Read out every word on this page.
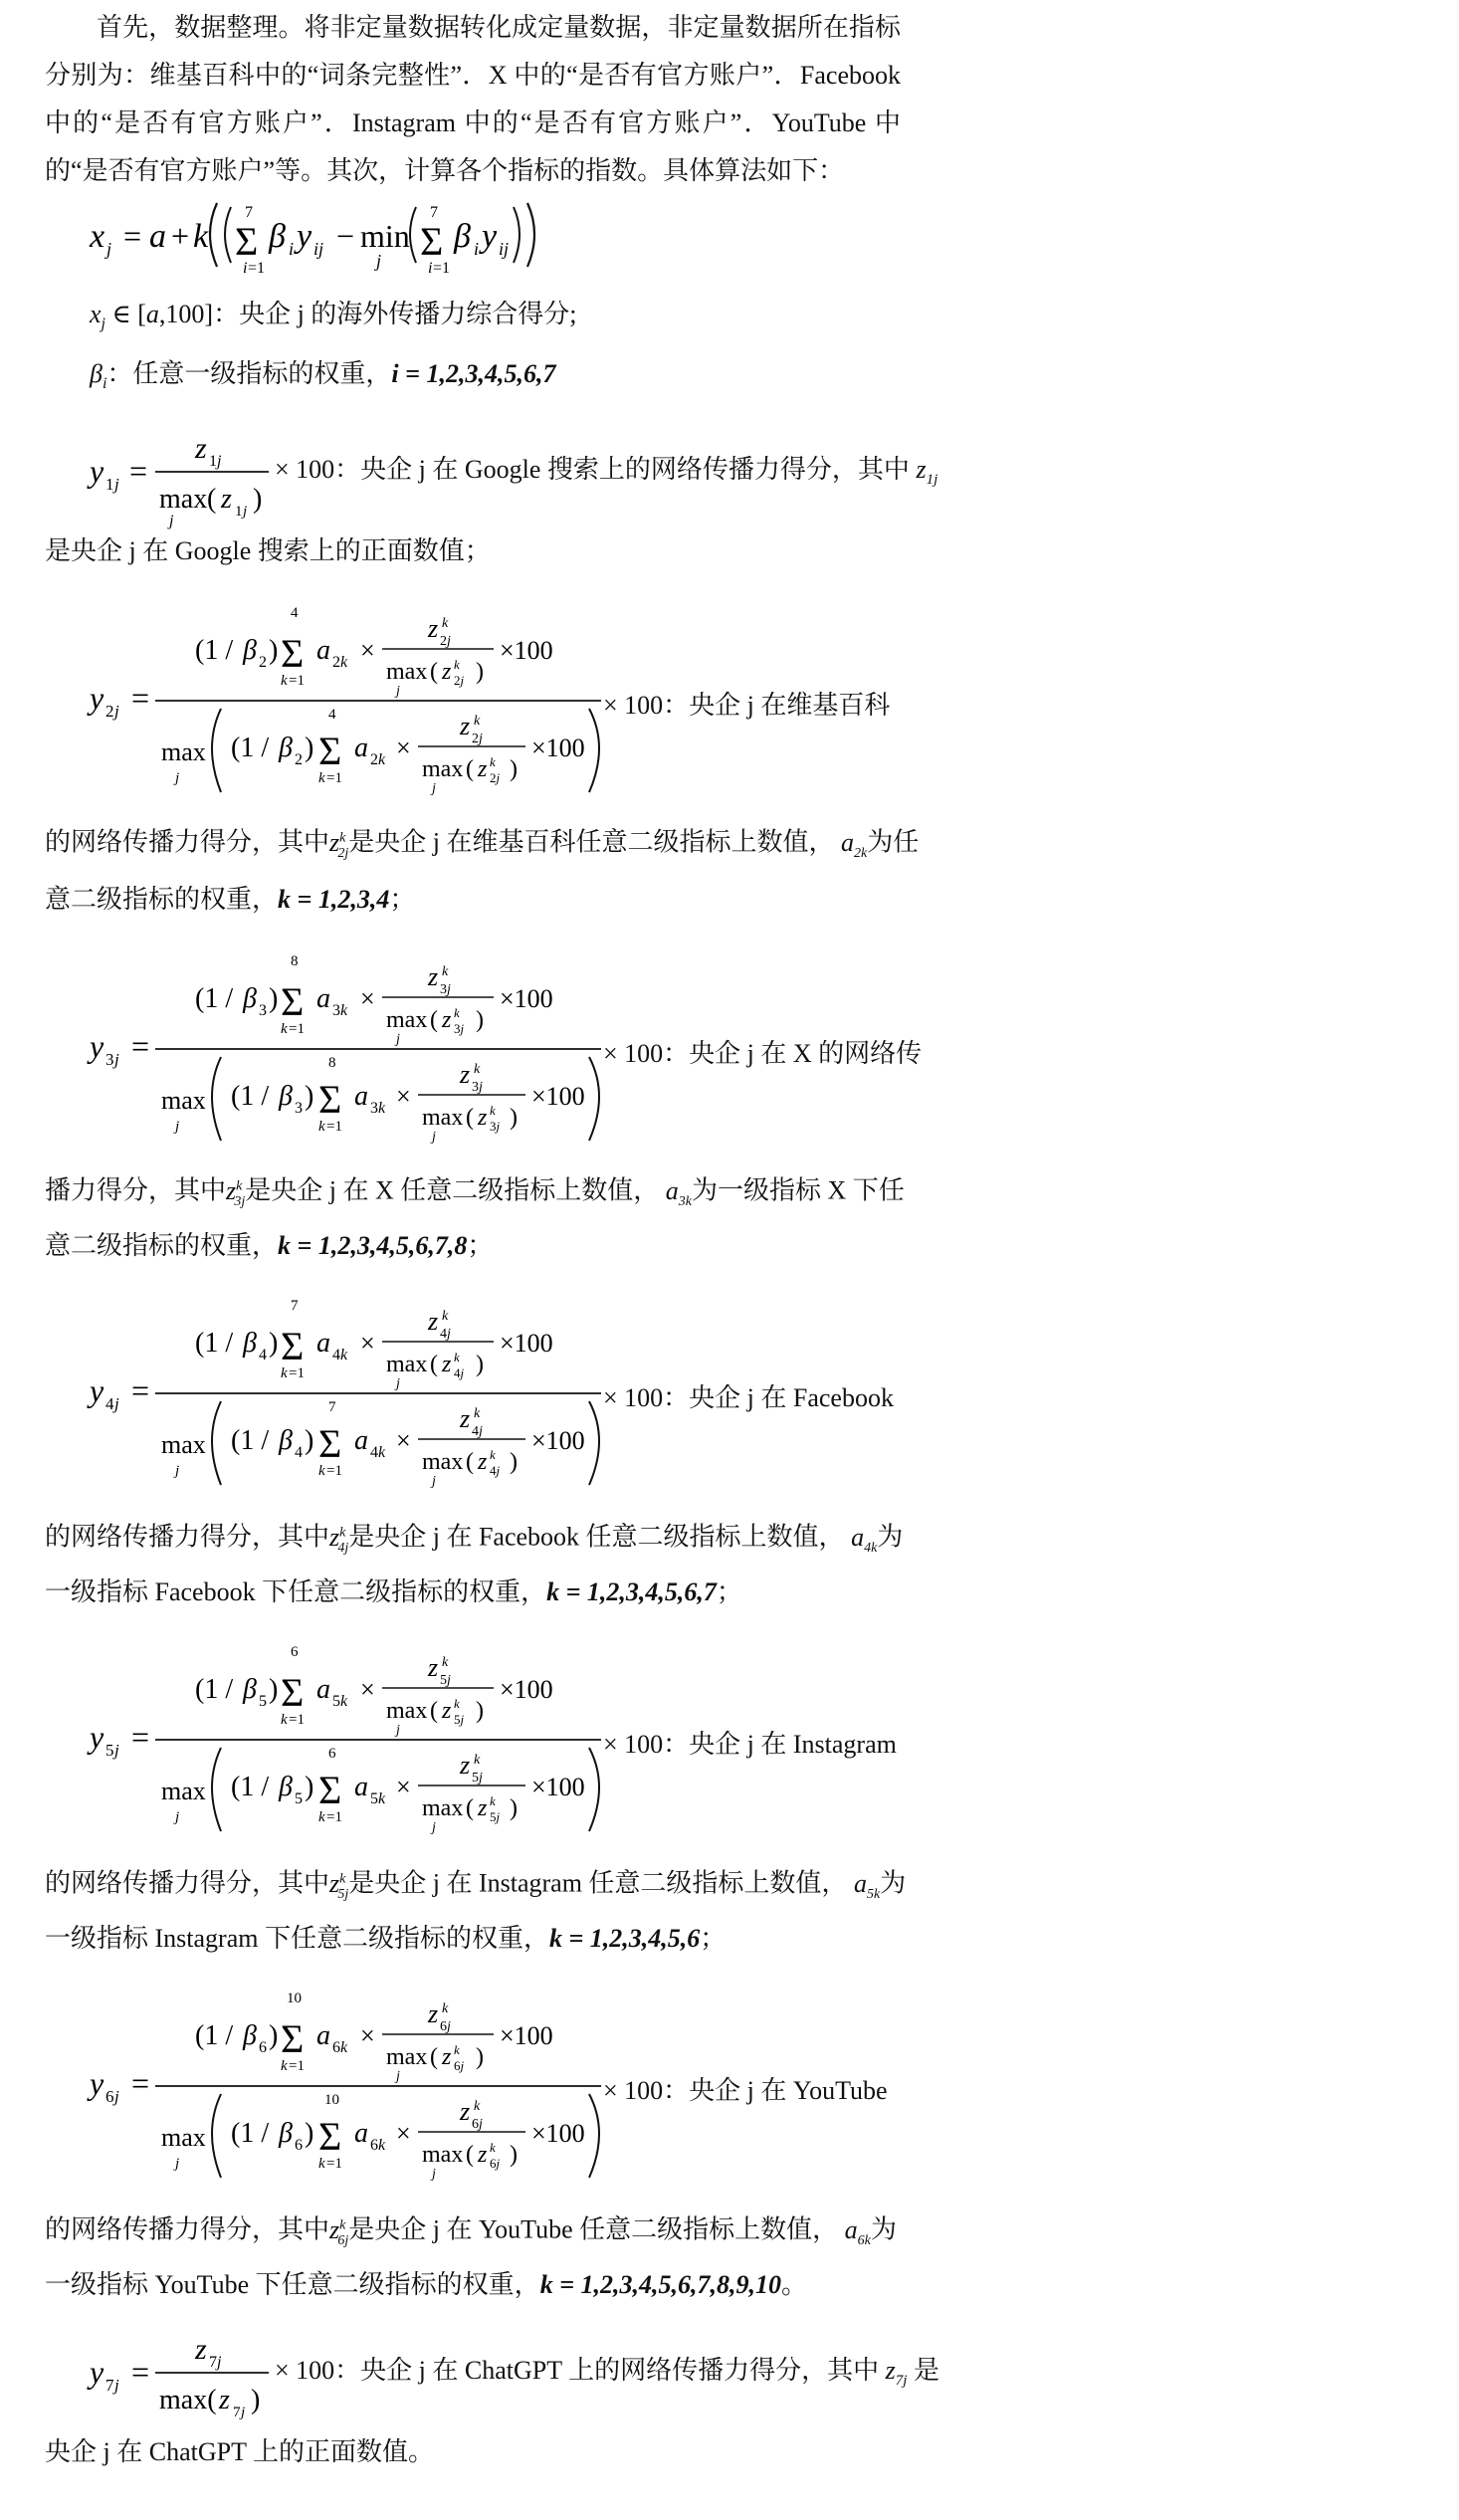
首先，数据整理。将非定量数据转化成定量数据，非定量数据所在指标分别为：维基百科中的“词条完整性”．X 中的“是否有官方账户”．Facebook 中的“是否有官方账户”．Instagram 中的“是否有官方账户”．YouTube 中的“是否有官方账户”等。其次，计算各个指标的指数。具体算法如下：

x j = a + k
7
Σ
i =1
β i y ij − min
j
7
Σ
i =1
β i y ij
$x_j$ ∈ [a,100]：央企 j 的海外传播力综合得分;
$\beta_i$：任意一级指标的权重，i = 1,2,3,4,5,6,7
y 1 j =
z 1 j
max
j
( z 1 j )
× 100：央企 j 在 Google 搜索上的网络传播力得分，其中 $z_{1j}$
是央企 j 在 Google 搜索上的正面数值；
y 2 j =
(1 / β 2 )
4
Σ
k =1
a 2k ×
z k
2j
max
j
( z k
2j )
×100
max
j
(1 / β 2 )
4
Σ
k =1
a 2k ×
z k
2j
max
j
( z k
2j )
×100
× 100：央企 j 在维基百科
的网络传播力得分，其中$z^k_{2j}$是央企 j 在维基百科任意二级指标上数值， $a_{2k}$为任
意二级指标的权重，k = 1,2,3,4；
y 3 j =
(1 / β 3 )
8
Σ
k =1
a 3k ×
z k
3j
max
j
( z k
3j )
×100
max
j
(1 / β 3 )
8
Σ
k =1
a 3k ×
z k
3j
max
j
( z k
3j )
×100
× 100：央企 j 在 X 的网络传
播力得分，其中$z^k_{3j}$是央企 j 在 X 任意二级指标上数值， $a_{3k}$为一级指标 X 下任
意二级指标的权重，k = 1,2,3,4,5,6,7,8；
y 4 j =
(1 / β 4 )
7
Σ
k =1
a 4k ×
z k
4j
max
j
( z k
4j )
×100
max
j
(1 / β 4 )
7
Σ
k =1
a 4k ×
z k
4j
max
j
( z k
4j )
×100
× 100：央企 j 在 Facebook
的网络传播力得分，其中$z^k_{4j}$是央企 j 在 Facebook 任意二级指标上数值， $a_{4k}$为
一级指标 Facebook 下任意二级指标的权重，k = 1,2,3,4,5,6,7；
y 5 j =
(1 / β 5 )
6
Σ
k =1
a 5k ×
z k
5j
max
j
( z k
5j )
×100
max
j
(1 / β 5 )
6
Σ
k =1
a 5k ×
z k
5j
max
j
( z k
5j )
×100
× 100：央企 j 在 Instagram
的网络传播力得分，其中$z^k_{5j}$是央企 j 在 Instagram 任意二级指标上数值， $a_{5k}$为
一级指标 Instagram 下任意二级指标的权重，k = 1,2,3,4,5,6；
y 6 j =
(1 / β 6 )
10
Σ
k =1
a 6k ×
z k
6j
max
j
( z k
6j )
×100
max
j
(1 / β 6 )
10
Σ
k =1
a 6k ×
z k
6j
max
j
( z k
6j )
×100
× 100：央企 j 在 YouTube
的网络传播力得分，其中$z^k_{6j}$是央企 j 在 YouTube 任意二级指标上数值， $a_{6k}$为
一级指标 YouTube 下任意二级指标的权重，k = 1,2,3,4,5,6,7,8,9,10。
y 7 j =
z 7 j
max( z 7 j )
× 100：央企 j 在 ChatGPT 上的网络传播力得分，其中 $z_{7j}$ 是
央企 j 在 ChatGPT 上的正面数值。
